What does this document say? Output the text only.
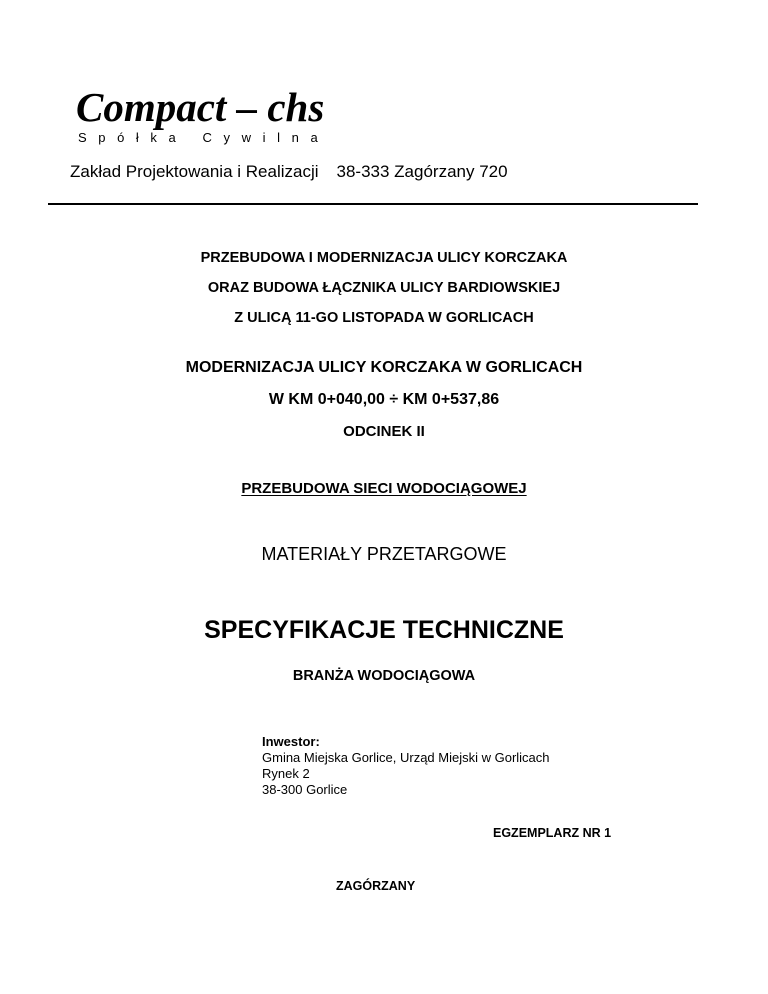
Compact – chs
Spółka Cywilna
Zakład Projektowania i Realizacji 38-333 Zagórzany 720
PRZEBUDOWA I MODERNIZACJA ULICY KORCZAKA
ORAZ BUDOWA ŁĄCZNIKA ULICY BARDIOWSKIEJ
Z ULICĄ 11-GO LISTOPADA W GORLICACH
MODERNIZACJA ULICY KORCZAKA W GORLICACH
W KM 0+040,00 ÷ KM 0+537,86
ODCINEK II
PRZEBUDOWA SIECI WODOCIĄGOWEJ
MATERIAŁY PRZETARGOWE
SPECYFIKACJE TECHNICZNE
BRANŻA WODOCIĄGOWA
Inwestor:
Gmina Miejska Gorlice, Urząd Miejski w Gorlicach
Rynek 2
38-300 Gorlice
EGZEMPLARZ NR 1
ZAGÓRZANY
